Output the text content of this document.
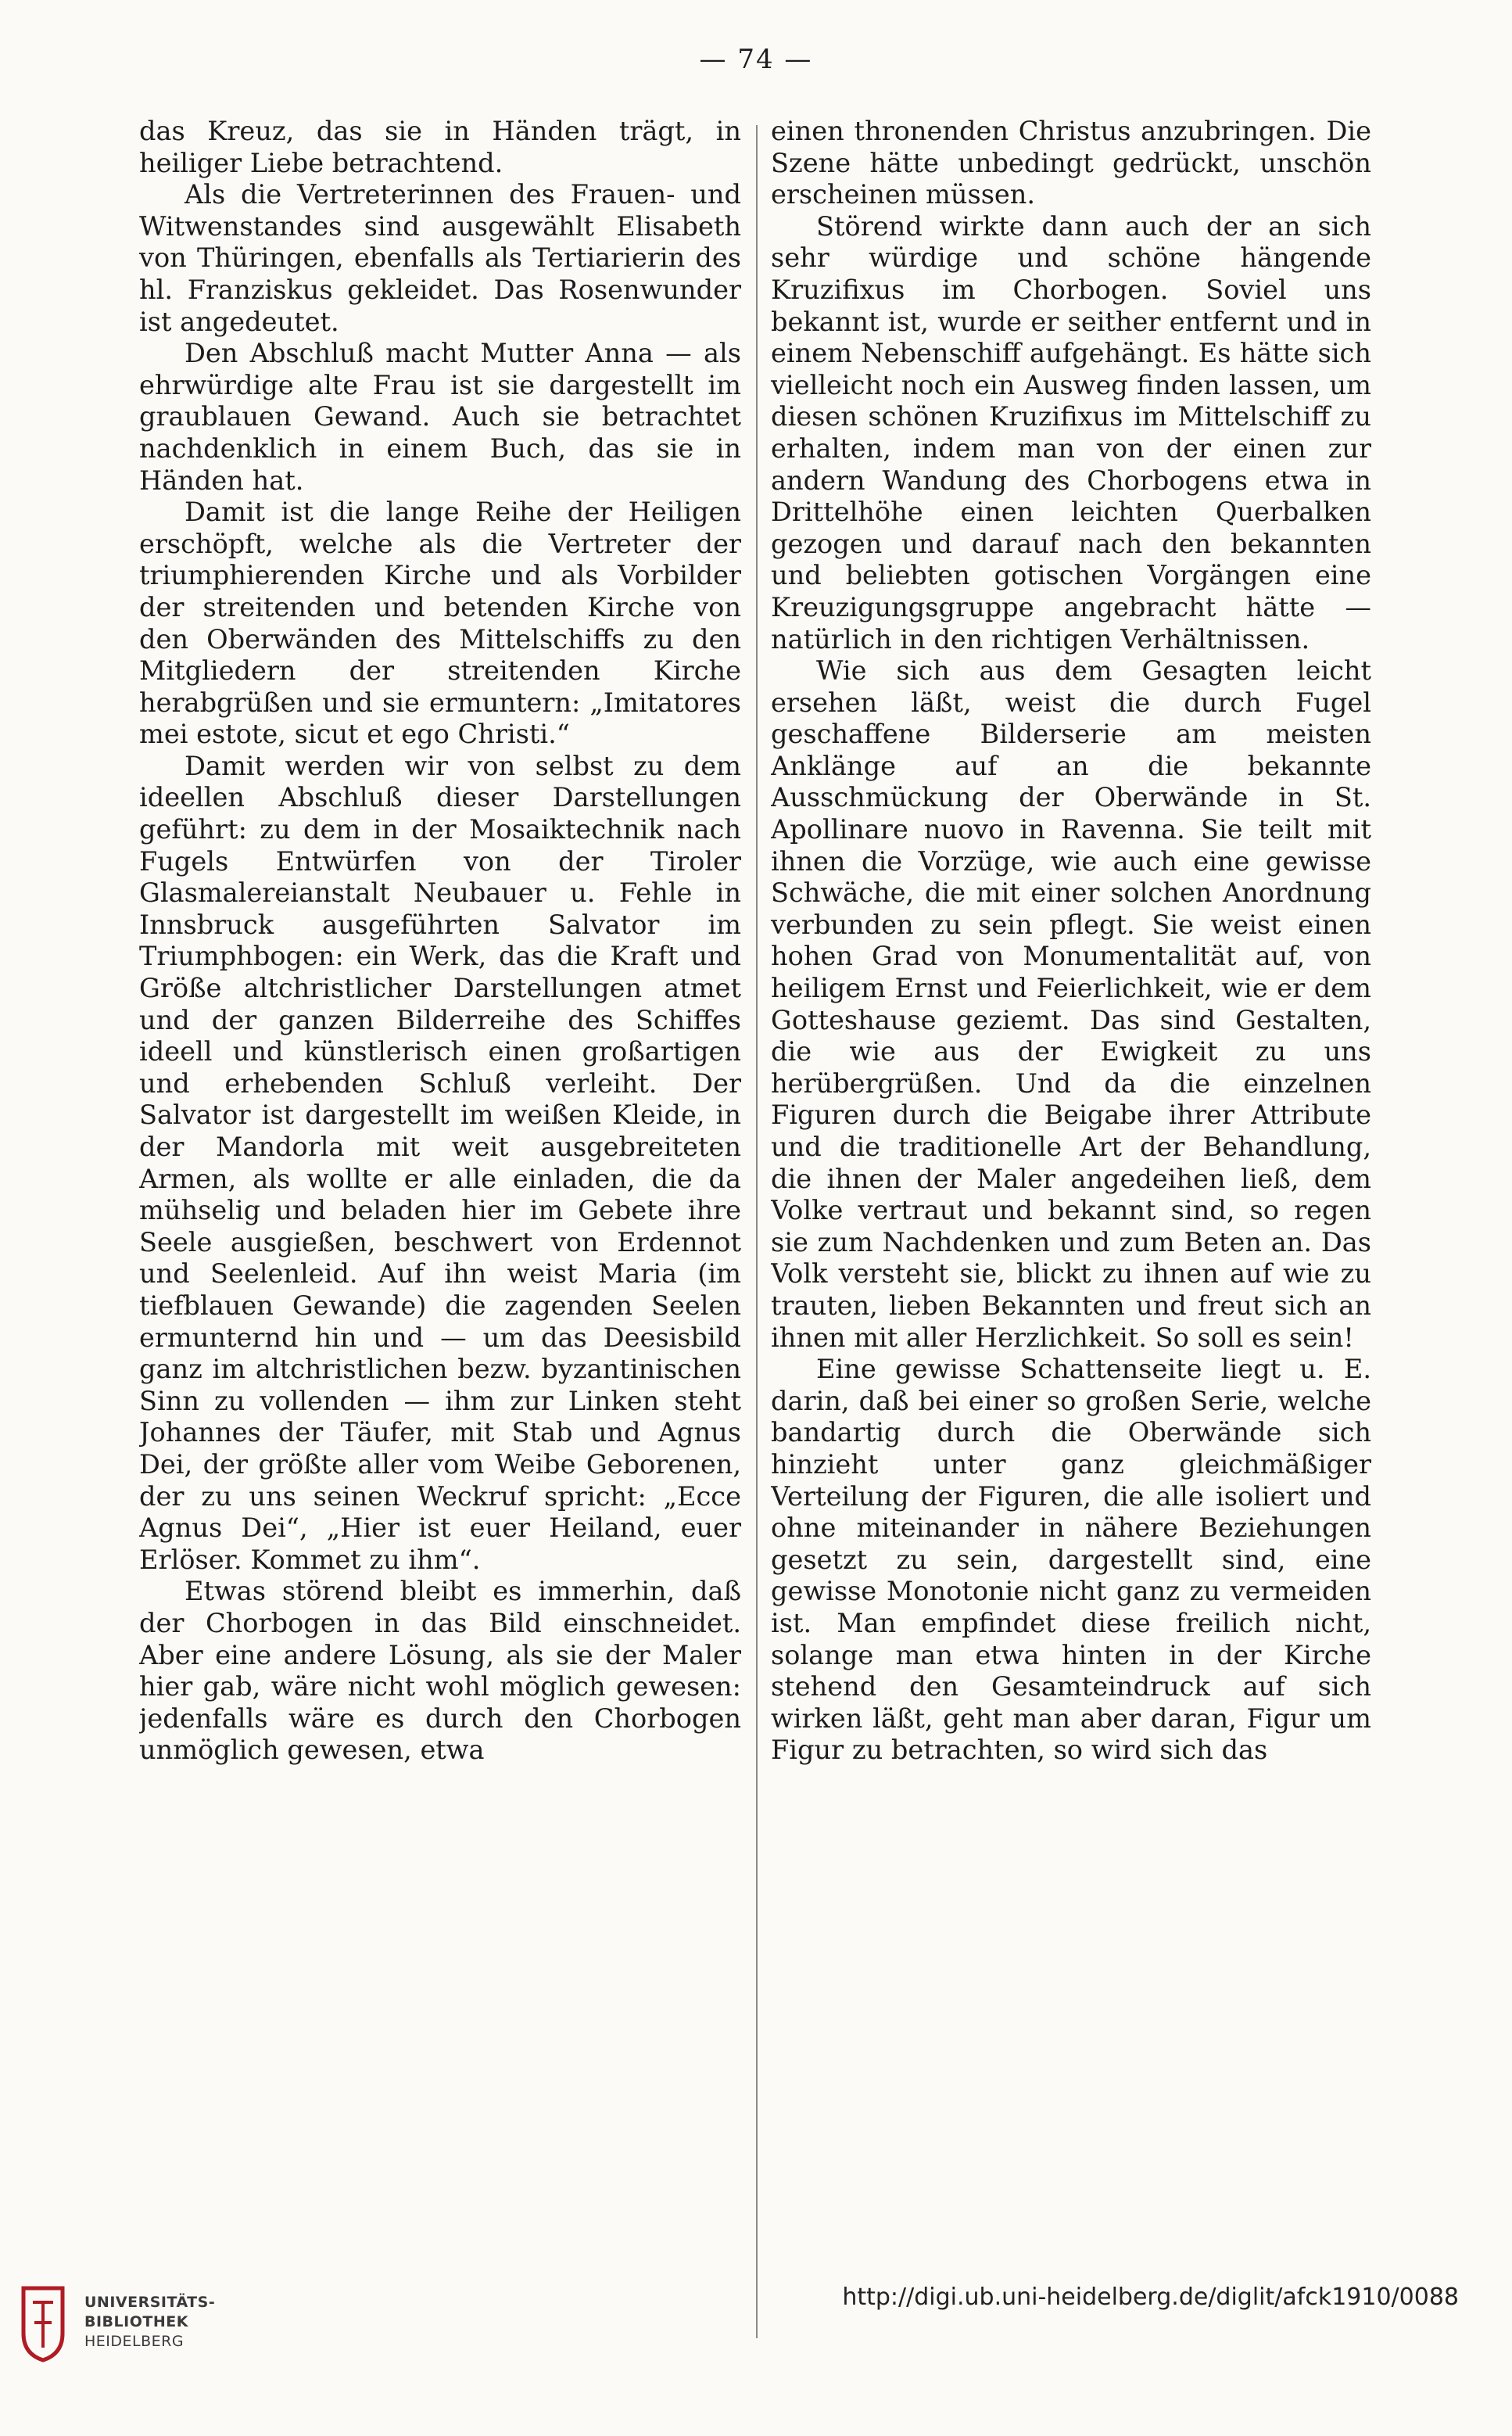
— 74 —

das Kreuz, das sie in Händen trägt, in heiliger Liebe betrachtend.

Als die Vertreterinnen des Frauen- und Witwenstandes sind ausgewählt Elisabeth von Thüringen, ebenfalls als Tertiarierin des hl. Franziskus gekleidet. Das Rosenwunder ist angedeutet.

Den Abschluß macht Mutter Anna — als ehrwürdige alte Frau ist sie dargestellt im graublauen Gewand. Auch sie betrachtet nachdenklich in einem Buch, das sie in Händen hat.

Damit ist die lange Reihe der Heiligen erschöpft, welche als die Vertreter der triumphierenden Kirche und als Vorbilder der streitenden und betenden Kirche von den Oberwänden des Mittelschiffs zu den Mitgliedern der streitenden Kirche herabgrüßen und sie ermuntern: „Imitatores mei estote, sicut et ego Christi.“

Damit werden wir von selbst zu dem ideellen Abschluß dieser Darstellungen geführt: zu dem in der Mosaiktechnik nach Fugels Entwürfen von der Tiroler Glasmalereianstalt Neubauer u. Fehle in Innsbruck ausgeführten Salvator im Triumphbogen: ein Werk, das die Kraft und Größe altchristlicher Darstellungen atmet und der ganzen Bilderreihe des Schiffes ideell und künstlerisch einen großartigen und erhebenden Schluß verleiht. Der Salvator ist dargestellt im weißen Kleide, in der Mandorla mit weit ausgebreiteten Armen, als wollte er alle einladen, die da mühselig und beladen hier im Gebete ihre Seele ausgießen, beschwert von Erdennot und Seelenleid. Auf ihn weist Maria (im tiefblauen Gewande) die zagenden Seelen ermunternd hin und — um das Deesisbild ganz im altchristlichen bezw. byzantinischen Sinn zu vollenden — ihm zur Linken steht Johannes der Täufer, mit Stab und Agnus Dei, der größte aller vom Weibe Geborenen, der zu uns seinen Weckruf spricht: „Ecce Agnus Dei“, „Hier ist euer Heiland, euer Erlöser. Kommet zu ihm“.

Etwas störend bleibt es immerhin, daß der Chorbogen in das Bild einschneidet. Aber eine andere Lösung, als sie der Maler hier gab, wäre nicht wohl möglich gewesen: jedenfalls wäre es durch den Chorbogen unmöglich gewesen, etwa

einen thronenden Christus anzubringen. Die Szene hätte unbedingt gedrückt, unschön erscheinen müssen.

Störend wirkte dann auch der an sich sehr würdige und schöne hängende Kruzifixus im Chorbogen. Soviel uns bekannt ist, wurde er seither entfernt und in einem Nebenschiff aufgehängt. Es hätte sich vielleicht noch ein Ausweg finden lassen, um diesen schönen Kruzifixus im Mittelschiff zu erhalten, indem man von der einen zur andern Wandung des Chorbogens etwa in Drittelhöhe einen leichten Querbalken gezogen und darauf nach den bekannten und beliebten gotischen Vorgängen eine Kreuzigungsgruppe angebracht hätte — natürlich in den richtigen Verhältnissen.

Wie sich aus dem Gesagten leicht ersehen läßt, weist die durch Fugel geschaffene Bilderserie am meisten Anklänge auf an die bekannte Ausschmückung der Oberwände in St. Apollinare nuovo in Ravenna. Sie teilt mit ihnen die Vorzüge, wie auch eine gewisse Schwäche, die mit einer solchen Anordnung verbunden zu sein pflegt. Sie weist einen hohen Grad von Monumentalität auf, von heiligem Ernst und Feierlichkeit, wie er dem Gotteshause geziemt. Das sind Gestalten, die wie aus der Ewigkeit zu uns herübergrüßen. Und da die einzelnen Figuren durch die Beigabe ihrer Attribute und die traditionelle Art der Behandlung, die ihnen der Maler angedeihen ließ, dem Volke vertraut und bekannt sind, so regen sie zum Nachdenken und zum Beten an. Das Volk versteht sie, blickt zu ihnen auf wie zu trauten, lieben Bekannten und freut sich an ihnen mit aller Herzlichkeit. So soll es sein!

Eine gewisse Schattenseite liegt u. E. darin, daß bei einer so großen Serie, welche bandartig durch die Oberwände sich hinzieht unter ganz gleichmäßiger Verteilung der Figuren, die alle isoliert und ohne miteinander in nähere Beziehungen gesetzt zu sein, dargestellt sind, eine gewisse Monotonie nicht ganz zu vermeiden ist. Man empfindet diese freilich nicht, solange man etwa hinten in der Kirche stehend den Gesamteindruck auf sich wirken läßt, geht man aber daran, Figur um Figur zu betrachten, so wird sich das

UNIVERSITÄTS-
BIBLIOTHEK
HEIDELBERG
http://digi.ub.uni-heidelberg.de/diglit/afck1910/0088
